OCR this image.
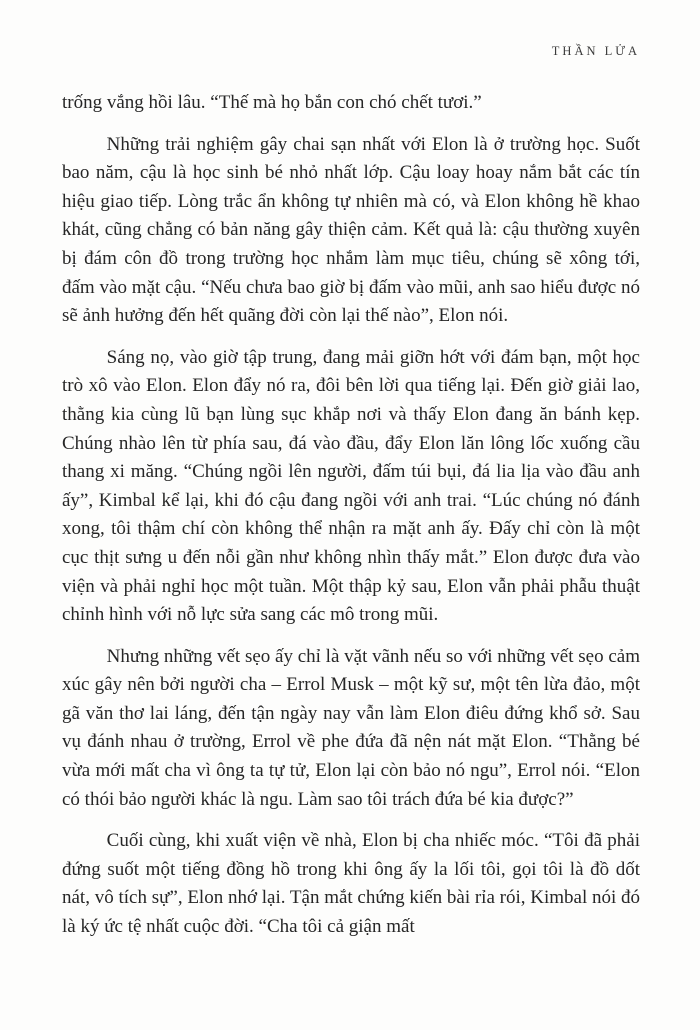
THẦN LỬA

trống vắng hồi lâu. “Thế mà họ bắn con chó chết tươi.”

Những trải nghiệm gây chai sạn nhất với Elon là ở trường học. Suốt bao năm, cậu là học sinh bé nhỏ nhất lớp. Cậu loay hoay nắm bắt các tín hiệu giao tiếp. Lòng trắc ẩn không tự nhiên mà có, và Elon không hề khao khát, cũng chẳng có bản năng gây thiện cảm. Kết quả là: cậu thường xuyên bị đám côn đồ trong trường học nhắm làm mục tiêu, chúng sẽ xông tới, đấm vào mặt cậu. “Nếu chưa bao giờ bị đấm vào mũi, anh sao hiểu được nó sẽ ảnh hưởng đến hết quãng đời còn lại thế nào”, Elon nói.

Sáng nọ, vào giờ tập trung, đang mải giỡn hớt với đám bạn, một học trò xô vào Elon. Elon đẩy nó ra, đôi bên lời qua tiếng lại. Đến giờ giải lao, thằng kia cùng lũ bạn lùng sục khắp nơi và thấy Elon đang ăn bánh kẹp. Chúng nhào lên từ phía sau, đá vào đầu, đẩy Elon lăn lông lốc xuống cầu thang xi măng. “Chúng ngồi lên người, đấm túi bụi, đá lia lịa vào đầu anh ấy”, Kimbal kể lại, khi đó cậu đang ngồi với anh trai. “Lúc chúng nó đánh xong, tôi thậm chí còn không thể nhận ra mặt anh ấy. Đấy chỉ còn là một cục thịt sưng u đến nỗi gần như không nhìn thấy mắt.” Elon được đưa vào viện và phải nghỉ học một tuần. Một thập kỷ sau, Elon vẫn phải phẫu thuật chỉnh hình với nỗ lực sửa sang các mô trong mũi.

Nhưng những vết sẹo ấy chỉ là vặt vãnh nếu so với những vết sẹo cảm xúc gây nên bởi người cha – Errol Musk – một kỹ sư, một tên lừa đảo, một gã văn thơ lai láng, đến tận ngày nay vẫn làm Elon điêu đứng khổ sở. Sau vụ đánh nhau ở trường, Errol về phe đứa đã nện nát mặt Elon. “Thằng bé vừa mới mất cha vì ông ta tự tử, Elon lại còn bảo nó ngu”, Errol nói. “Elon có thói bảo người khác là ngu. Làm sao tôi trách đứa bé kia được?”

Cuối cùng, khi xuất viện về nhà, Elon bị cha nhiếc móc. “Tôi đã phải đứng suốt một tiếng đồng hồ trong khi ông ấy la lối tôi, gọi tôi là đồ dốt nát, vô tích sự”, Elon nhớ lại. Tận mắt chứng kiến bài rỉa rói, Kimbal nói đó là ký ức tệ nhất cuộc đời. “Cha tôi cả giận mất
